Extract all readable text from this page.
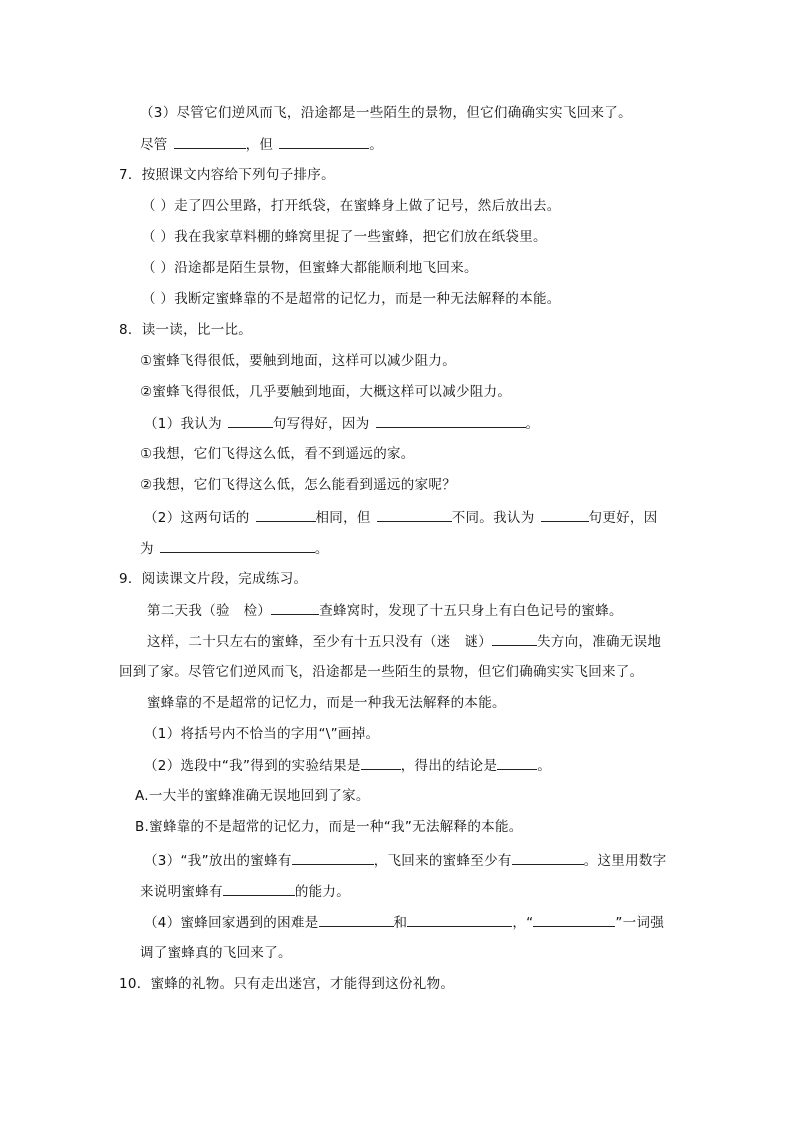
（3）尽管它们逆风而飞，沿途都是一些陌生的景物，但它们确确实实飞回来了。
尽管	，但	。
7．按照课文内容给下列句子排序。
（ ）走了四公里路，打开纸袋，在蜜蜂身上做了记号，然后放出去。
（ ）我在我家草料棚的蜂窝里捉了一些蜜蜂，把它们放在纸袋里。
（ ）沿途都是陌生景物，但蜜蜂大都能顺利地飞回来。
（ ）我断定蜜蜂靠的不是超常的记忆力，而是一种无法解释的本能。
8．读一读，比一比。
①蜜蜂飞得很低，要触到地面，这样可以减少阻力。
②蜜蜂飞得很低，几乎要触到地面，大概这样可以减少阻力。
（1）我认为	句写得好，因为	。
①我想，它们飞得这么低，看不到遥远的家。
②我想，它们飞得这么低，怎么能看到遥远的家呢？
（2）这两句话的	相同，但	不同。我认为	句更好，因
为	。
9．阅读课文片段，完成练习。
第二天我（验　检）	查蜂窝时，发现了十五只身上有白色记号的蜜蜂。
这样，二十只左右的蜜蜂，至少有十五只没有（迷　谜）	失方向，准确无误地
回到了家。尽管它们逆风而飞，沿途都是一些陌生的景物，但它们确确实实飞回来了。
蜜蜂靠的不是超常的记忆力，而是一种我无法解释的本能。
（1）将括号内不恰当的字用“\”画掉。
（2）选段中“我”得到的实验结果是	，得出的结论是	。
A.一大半的蜜蜂准确无误地回到了家。
B.蜜蜂靠的不是超常的记忆力，而是一种“我”无法解释的本能。
（3）“我”放出的蜜蜂有	，飞回来的蜜蜂至少有	。这里用数字
来说明蜜蜂有	的能力。
（4）蜜蜂回家遇到的困难是	和	，“	”一词强
调了蜜蜂真的飞回来了。
10．蜜蜂的礼物。只有走出迷宫，才能得到这份礼物。
